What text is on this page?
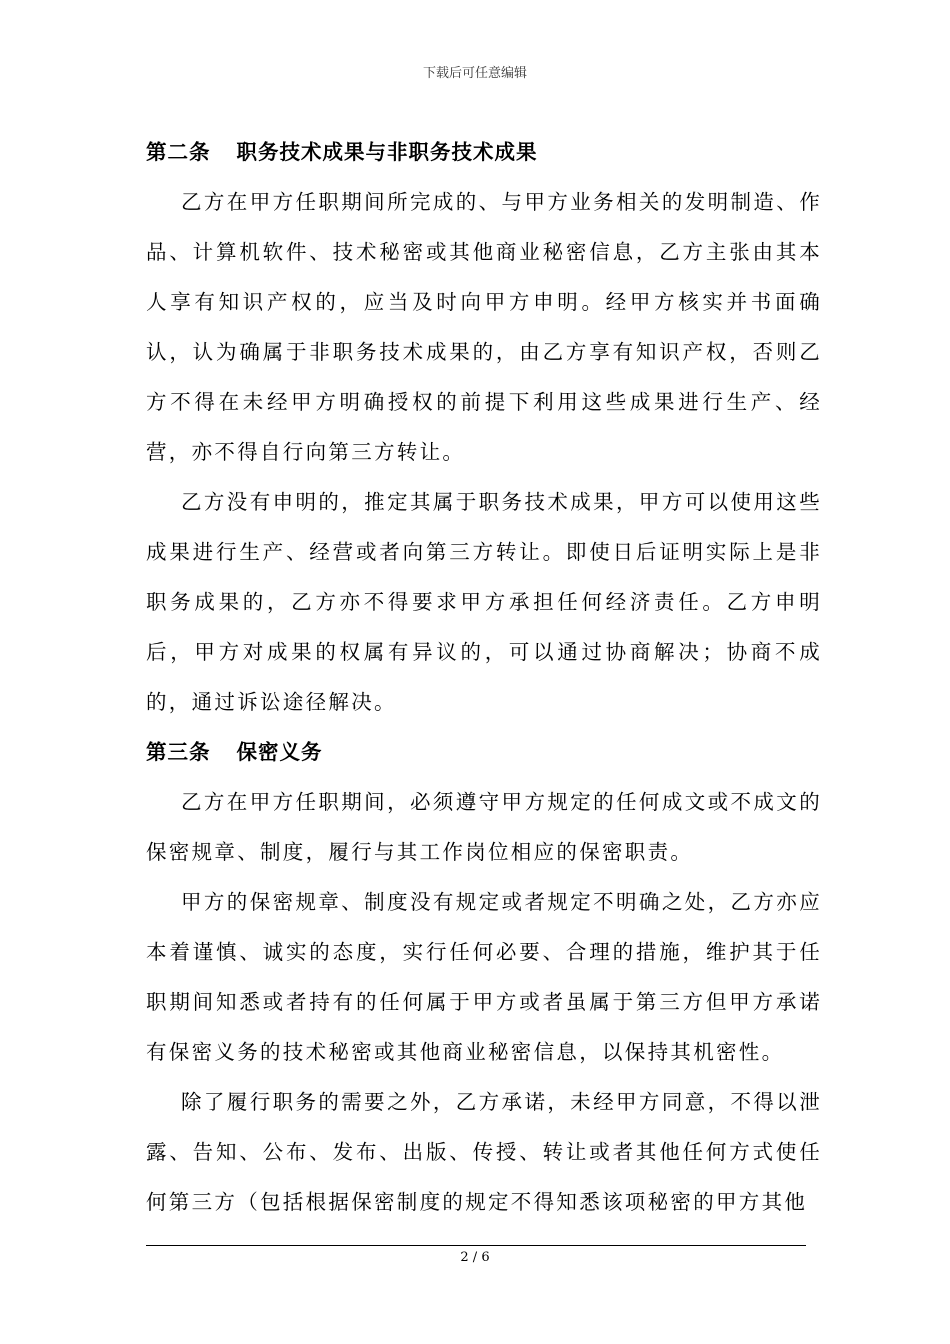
下载后可任意编辑

第二条 职务技术成果与非职务技术成果

乙方在甲方任职期间所完成的、与甲方业务相关的发明制造、作品、计算机软件、技术秘密或其他商业秘密信息，乙方主张由其本人享有知识产权的，应当及时向甲方申明。经甲方核实并书面确认，认为确属于非职务技术成果的，由乙方享有知识产权，否则乙方不得在未经甲方明确授权的前提下利用这些成果进行生产、经营，亦不得自行向第三方转让。

乙方没有申明的，推定其属于职务技术成果，甲方可以使用这些成果进行生产、经营或者向第三方转让。即使日后证明实际上是非职务成果的，乙方亦不得要求甲方承担任何经济责任。乙方申明后，甲方对成果的权属有异议的，可以通过协商解决；协商不成的，通过诉讼途径解决。

第三条 保密义务

乙方在甲方任职期间，必须遵守甲方规定的任何成文或不成文的保密规章、制度，履行与其工作岗位相应的保密职责。

甲方的保密规章、制度没有规定或者规定不明确之处，乙方亦应本着谨慎、诚实的态度，实行任何必要、合理的措施，维护其于任职期间知悉或者持有的任何属于甲方或者虽属于第三方但甲方承诺有保密义务的技术秘密或其他商业秘密信息，以保持其机密性。

除了履行职务的需要之外，乙方承诺，未经甲方同意，不得以泄露、告知、公布、发布、出版、传授、转让或者其他任何方式使任何第三方（包括根据保密制度的规定不得知悉该项秘密的甲方其他

2 / 6
